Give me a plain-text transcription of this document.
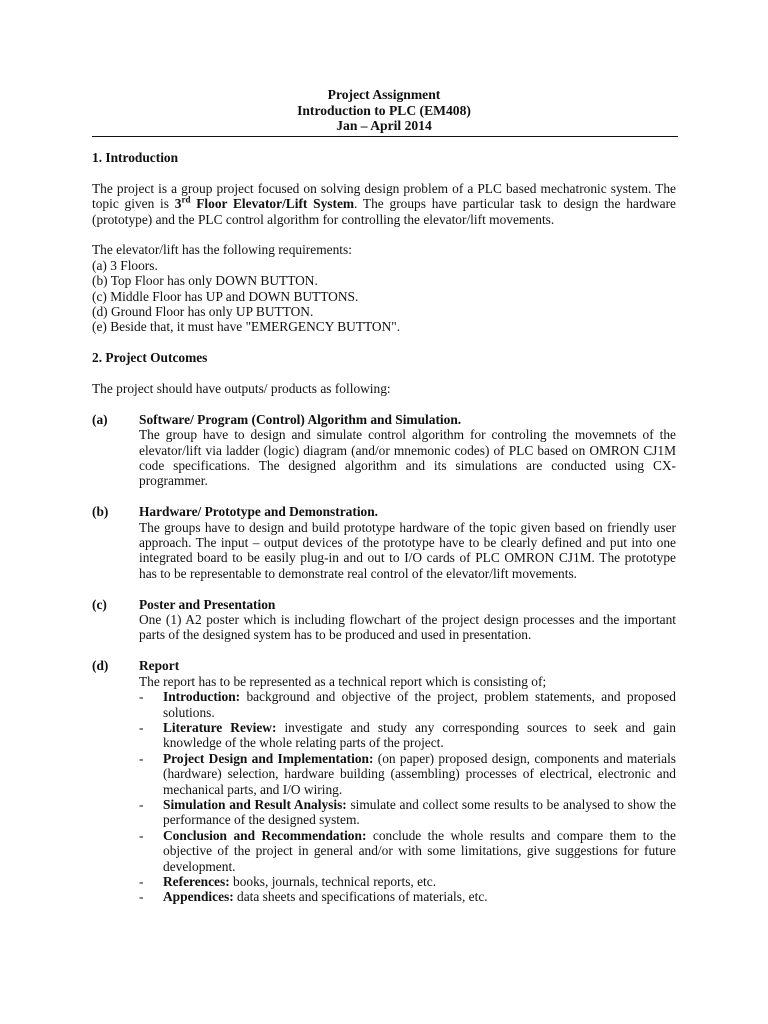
Project Assignment
Introduction to PLC (EM408)
Jan – April 2014
1. Introduction

The project is a group project focused on solving design problem of a PLC based mechatronic system. The topic given is 3rd Floor Elevator/Lift System. The groups have particular task to design the hardware (prototype) and the PLC control algorithm for controlling the elevator/lift movements.

The elevator/lift has the following requirements:
(a) 3 Floors.
(b) Top Floor has only DOWN BUTTON.
(c) Middle Floor has UP and DOWN BUTTONS.
(d) Ground Floor has only UP BUTTON.
(e) Beside that, it must have "EMERGENCY BUTTON".
2. Project Outcomes

The project should have outputs/ products as following:

(a) Software/ Program (Control) Algorithm and Simulation.
The group have to design and simulate control algorithm for controling the movemnets of the elevator/lift via ladder (logic) diagram (and/or mnemonic codes) of PLC based on OMRON CJ1M code specifications. The designed algorithm and its simulations are conducted using CX-programmer.
(b) Hardware/ Prototype and Demonstration.
The groups have to design and build prototype hardware of the topic given based on friendly user approach. The input – output devices of the prototype have to be clearly defined and put into one integrated board to be easily plug-in and out to I/O cards of PLC OMRON CJ1M. The prototype has to be representable to demonstrate real control of the elevator/lift movements.
(c) Poster and Presentation
One (1) A2 poster which is including flowchart of the project design processes and the important parts of the designed system has to be produced and used in presentation.
(d) Report
The report has to be represented as a technical report which is consisting of;
- Introduction: background and objective of the project, problem statements, and proposed solutions.
- Literature Review: investigate and study any corresponding sources to seek and gain knowledge of the whole relating parts of the project.
- Project Design and Implementation: (on paper) proposed design, components and materials (hardware) selection, hardware building (assembling) processes of electrical, electronic and mechanical parts, and I/O wiring.
- Simulation and Result Analysis: simulate and collect some results to be analysed to show the performance of the designed system.
- Conclusion and Recommendation: conclude the whole results and compare them to the objective of the project in general and/or with some limitations, give suggestions for future development.
- References: books, journals, technical reports, etc.
- Appendices: data sheets and specifications of materials, etc.
